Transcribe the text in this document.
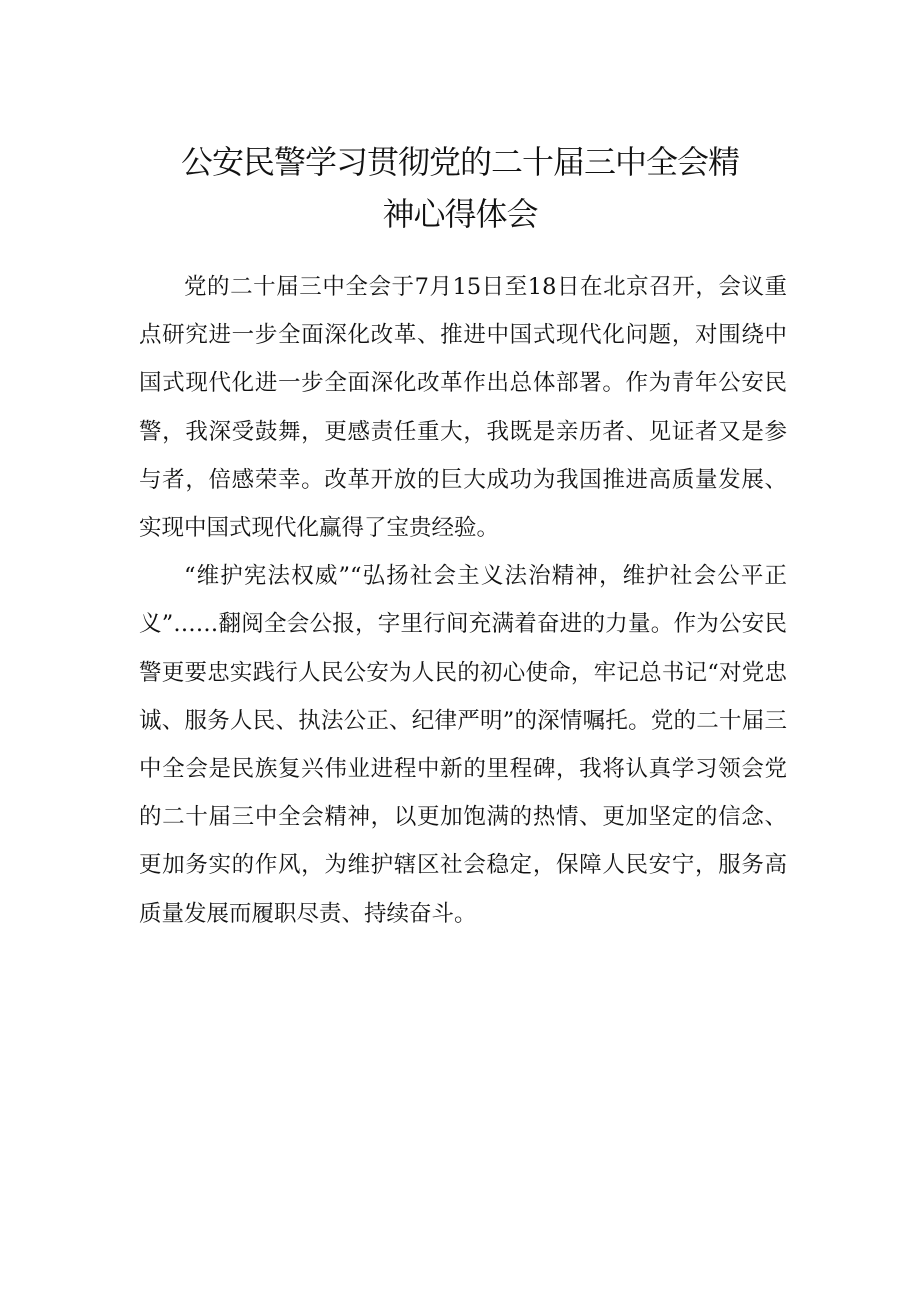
公安民警学习贯彻党的二十届三中全会精
神心得体会

党的二十届三中全会于7月15日至18日在北京召开，会议重点研究进一步全面深化改革、推进中国式现代化问题，对围绕中国式现代化进一步全面深化改革作出总体部署。作为青年公安民警，我深受鼓舞，更感责任重大，我既是亲历者、见证者又是参与者，倍感荣幸。改革开放的巨大成功为我国推进高质量发展、实现中国式现代化赢得了宝贵经验。

“维护宪法权威”“弘扬社会主义法治精神，维护社会公平正义”……翻阅全会公报，字里行间充满着奋进的力量。作为公安民警更要忠实践行人民公安为人民的初心使命，牢记总书记“对党忠诚、服务人民、执法公正、纪律严明”的深情嘱托。党的二十届三中全会是民族复兴伟业进程中新的里程碑，我将认真学习领会党的二十届三中全会精神，以更加饱满的热情、更加坚定的信念、更加务实的作风，为维护辖区社会稳定，保障人民安宁，服务高质量发展而履职尽责、持续奋斗。
